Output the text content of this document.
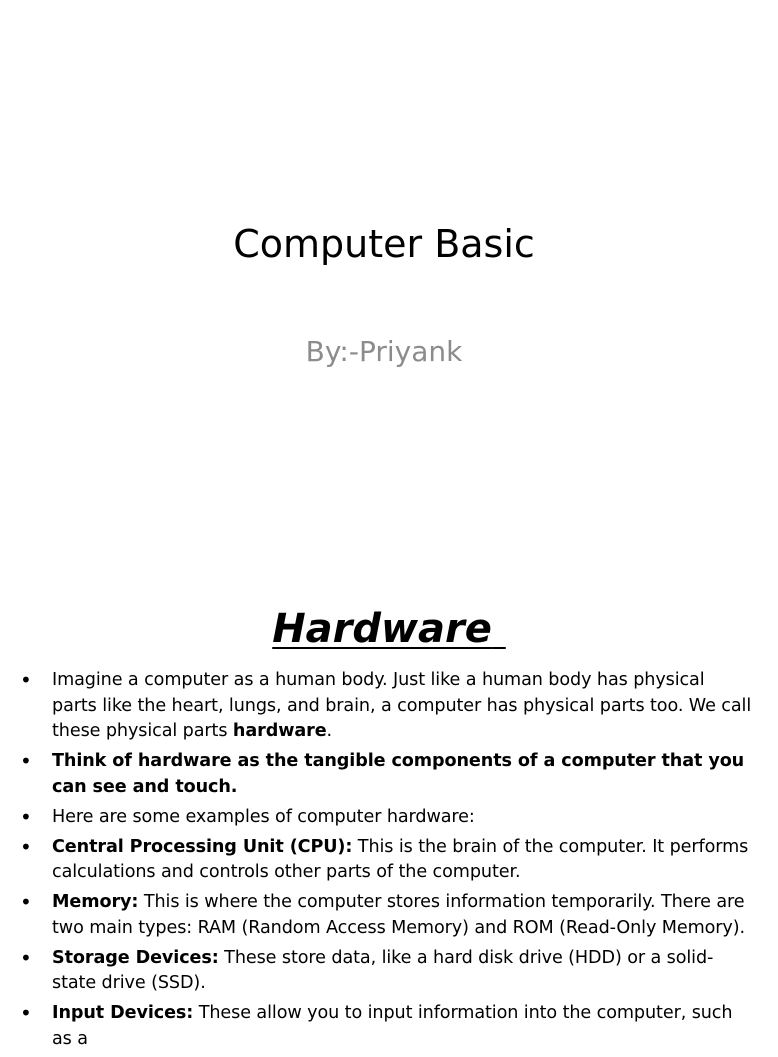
Computer Basic
By:-Priyank
Hardware
• Imagine a computer as a human body. Just like a human body has physical parts like the heart, lungs, and brain, a computer has physical parts too. We call these physical parts hardware.
• Think of hardware as the tangible components of a computer that you can see and touch.
• Here are some examples of computer hardware:
• Central Processing Unit (CPU): This is the brain of the computer. It performs calculations and controls other parts of the computer.
• Memory: This is where the computer stores information temporarily. There are two main types: RAM (Random Access Memory) and ROM (Read-Only Memory).
• Storage Devices: These store data, like a hard disk drive (HDD) or a solid-state drive (SSD).
• Input Devices: These allow you to input information into the computer, such as a
